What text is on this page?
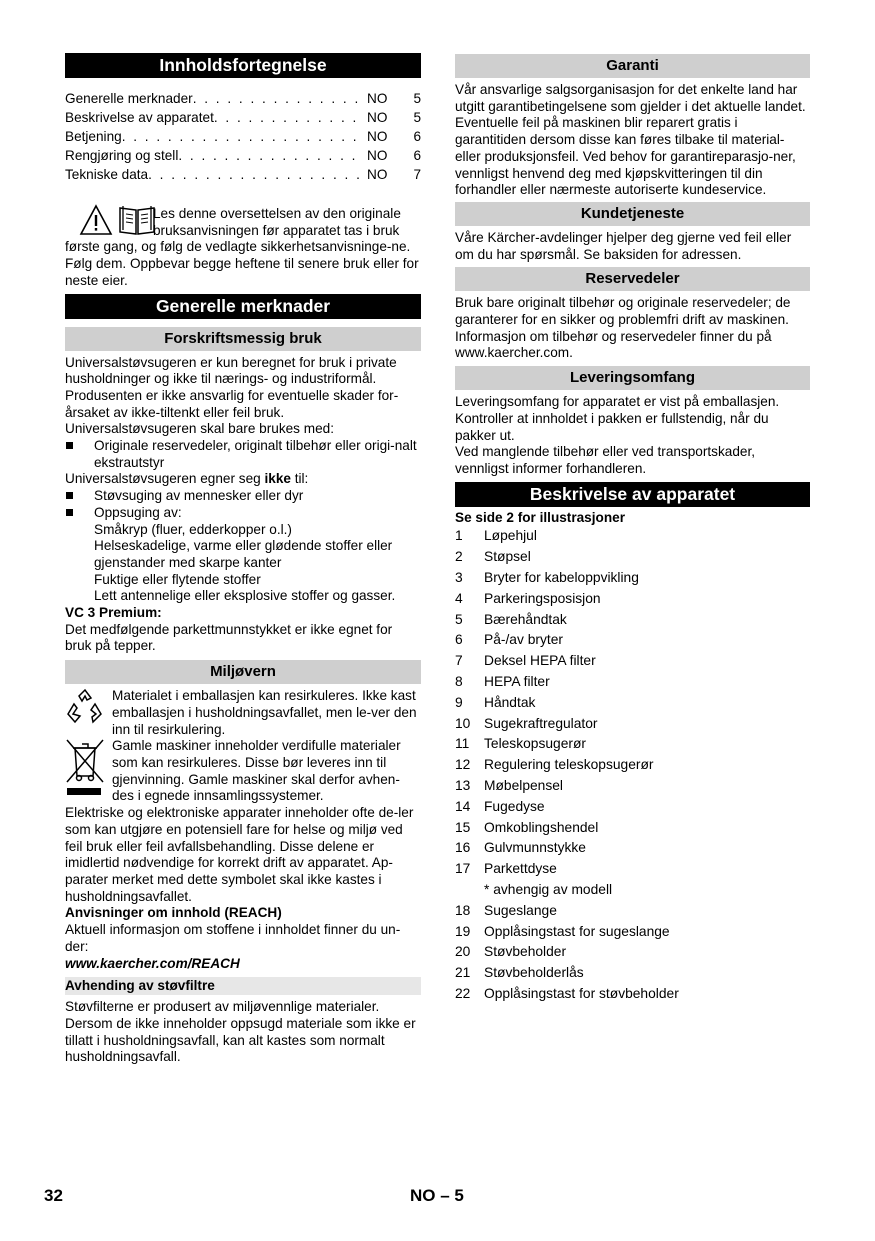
Innholdsfortegnelse
Generelle merknader . . .	NO	5
Beskrivelse av apparatet . . .	NO	5
Betjening . . .	NO	6
Rengjøring og stell . . .	NO	6
Tekniske data . . .	NO	7

Les denne oversettelsen av den originale

bruksanvisningen før apparatet tas i bruk

første gang, og følg de vedlagte sikkerhetsanvisninge-ne. Følg dem. Oppbevar begge heftene til senere bruk eller for neste eier.

Generelle merknader
Forskriftsmessig bruk

Universalstøvsugeren er kun beregnet for bruk i private husholdninger og ikke til nærings- og industriformål. Produsenten er ikke ansvarlig for eventuelle skader for-årsaket av ikke-tiltenkt eller feil bruk.

Universalstøvsugeren skal bare brukes med:

Originale reservedeler, originalt tilbehør eller origi-nalt ekstrautstyr

Universalstøvsugeren egner seg ikke til:

Støvsuging av mennesker eller dyr
Oppsuging av:
Småkryp (fluer, edderkopper o.l.)
Helseskadelige, varme eller glødende stoffer eller gjenstander med skarpe kanter
Fuktige eller flytende stoffer
Lett antennelige eller eksplosive stoffer og gasser.

VC 3 Premium:

Det medfølgende parkettmunnstykket er ikke egnet for bruk på tepper.

Miljøvern

Materialet i emballasjen kan resirkuleres. Ikke kast emballasjen i husholdningsavfallet, men le-ver den inn til resirkulering.

Gamle maskiner inneholder verdifulle materialer som kan resirkuleres. Disse bør leveres inn til gjenvinning. Gamle maskiner skal derfor avhen-des i egnede innsamlingssystemer.

Elektriske og elektroniske apparater inneholder ofte de-ler som kan utgjøre en potensiell fare for helse og miljø ved feil bruk eller feil avfallsbehandling. Disse delene er imidlertid nødvendige for korrekt drift av apparatet. Ap-parater merket med dette symbolet skal ikke kastes i husholdningsavfallet.

Anvisninger om innhold (REACH)

Aktuell informasjon om stoffene i innholdet finner du un-der:

www.kaercher.com/REACH

Avhending av støvfiltre

Støvfilterne er produsert av miljøvennlige materialer. Dersom de ikke inneholder oppsugd materiale som ikke er tillatt i husholdningsavfall, kan alt kastes som normalt husholdningsavfall.

Garanti

Vår ansvarlige salgsorganisasjon for det enkelte land har utgitt garantibetingelsene som gjelder i det aktuelle landet. Eventuelle feil på maskinen blir reparert gratis i garantitiden dersom disse kan føres tilbake til material-eller produksjonsfeil. Ved behov for garantireparasjo-ner, vennligst henvend deg med kjøpskvitteringen til din forhandler eller nærmeste autoriserte kundeservice.

Kundetjeneste

Våre Kärcher-avdelinger hjelper deg gjerne ved feil eller om du har spørsmål. Se baksiden for adressen.

Reservedeler

Bruk bare originalt tilbehør og originale reservedeler; de garanterer for en sikker og problemfri drift av maskinen. Informasjon om tilbehør og reservedeler finner du på www.kaercher.com.

Leveringsomfang

Leveringsomfang for apparatet er vist på emballasjen. Kontroller at innholdet i pakken er fullstendig, når du pakker ut.

Ved manglende tilbehør eller ved transportskader, vennligst informer forhandleren.

Beskrivelse av apparatet

Se side 2 for illustrasjoner

1	Løpehjul
2	Støpsel
3	Bryter for kabeloppvikling
4	Parkeringsposisjon
5	Bærehåndtak
6	På-/av bryter
7	Deksel HEPA filter
8	HEPA filter
9	Håndtak
10 Sugekraftregulator
11	Teleskopsugerør
12 Regulering teleskopsugerør
13 Møbelpensel
14 Fugedyse
15 Omkoblingshendel
16 Gulvmunnstykke
17 Parkettdyse
* avhengig av modell
18 Sugeslange
19 Opplåsingstast for sugeslange
20 Støvbeholder
21 Støvbeholderlås
22 Opplåsingstast for støvbeholder
32	NO – 5
